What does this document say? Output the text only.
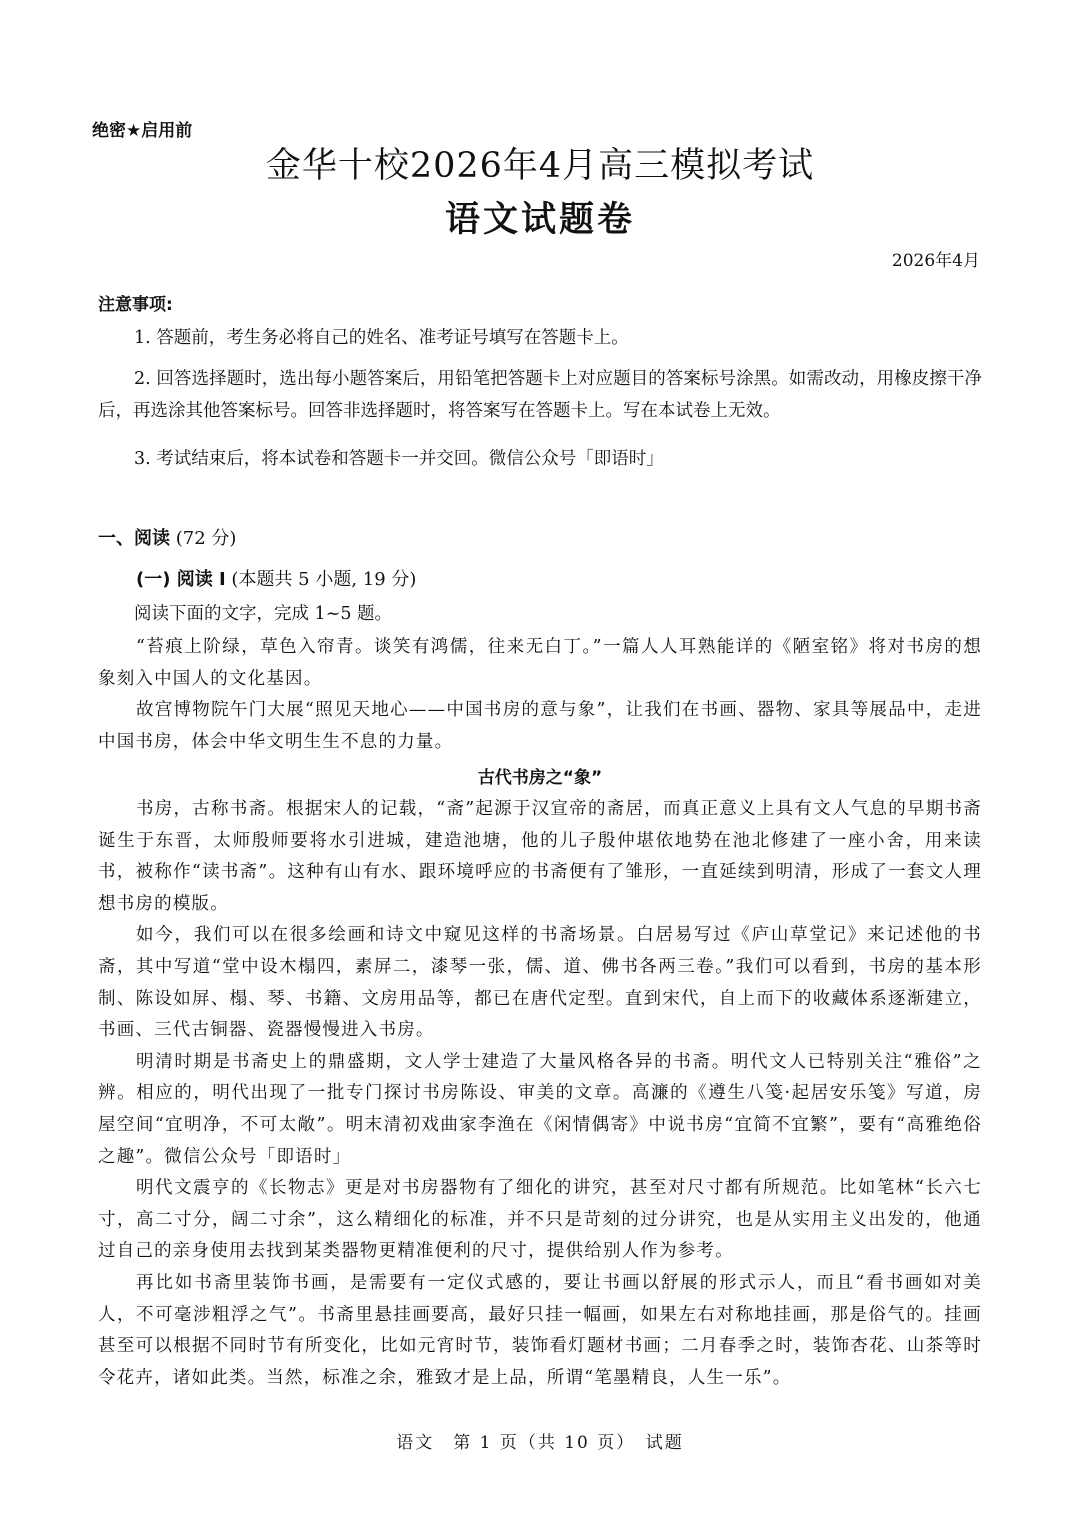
绝密★启用前
金华十校2026年4月高三模拟考试
语文试题卷
2026年4月
注意事项:

1. 答题前，考生务必将自己的姓名、准考证号填写在答题卡上。

2. 回答选择题时，选出每小题答案后，用铅笔把答题卡上对应题目的答案标号涂黑。如需改动，用橡皮擦干净后，再选涂其他答案标号。回答非选择题时，将答案写在答题卡上。写在本试卷上无效。

3. 考试结束后，将本试卷和答题卡一并交回。微信公众号「即语时」

一、阅读 (72 分)
(一) 阅读 I (本题共 5 小题, 19 分)

阅读下面的文字，完成 1~5 题。

“苔痕上阶绿，草色入帘青。谈笑有鸿儒，往来无白丁。”一篇人人耳熟能详的《陋室铭》将对书房的想象刻入中国人的文化基因。

故宫博物院午门大展“照见天地心——中国书房的意与象”，让我们在书画、器物、家具等展品中，走进中国书房，体会中华文明生生不息的力量。

古代书房之“象”

书房，古称书斋。根据宋人的记载，“斋”起源于汉宣帝的斋居，而真正意义上具有文人气息的早期书斋诞生于东晋，太师殷师要将水引进城，建造池塘，他的儿子殷仲堪依地势在池北修建了一座小舍，用来读书，被称作“读书斋”。这种有山有水、跟环境呼应的书斋便有了雏形，一直延续到明清，形成了一套文人理想书房的模版。

如今，我们可以在很多绘画和诗文中窥见这样的书斋场景。白居易写过《庐山草堂记》来记述他的书斋，其中写道“堂中设木榻四，素屏二，漆琴一张，儒、道、佛书各两三卷。”我们可以看到，书房的基本形制、陈设如屏、榻、琴、书籍、文房用品等，都已在唐代定型。直到宋代，自上而下的收藏体系逐渐建立，书画、三代古铜器、瓷器慢慢进入书房。

明清时期是书斋史上的鼎盛期，文人学士建造了大量风格各异的书斋。明代文人已特别关注“雅俗”之辨。相应的，明代出现了一批专门探讨书房陈设、审美的文章。高濂的《遵生八笺·起居安乐笺》写道，房屋空间“宜明净，不可太敞”。明末清初戏曲家李渔在《闲情偶寄》中说书房“宜简不宜繁”，要有“高雅绝俗之趣”。微信公众号「即语时」

明代文震亨的《长物志》更是对书房器物有了细化的讲究，甚至对尺寸都有所规范。比如笔林“长六七寸，高二寸分，阔二寸余”，这么精细化的标准，并不只是苛刻的过分讲究，也是从实用主义出发的，他通过自己的亲身使用去找到某类器物更精准便利的尺寸，提供给别人作为参考。

再比如书斋里装饰书画，是需要有一定仪式感的，要让书画以舒展的形式示人，而且“看书画如对美人，不可毫涉粗浮之气”。书斋里悬挂画要高，最好只挂一幅画，如果左右对称地挂画，那是俗气的。挂画甚至可以根据不同时节有所变化，比如元宵时节，装饰看灯题材书画；二月春季之时，装饰杏花、山茶等时令花卉，诸如此类。当然，标准之余，雅致才是上品，所谓“笔墨精良，人生一乐”。

语文　第 1 页（共 10 页）　试题
